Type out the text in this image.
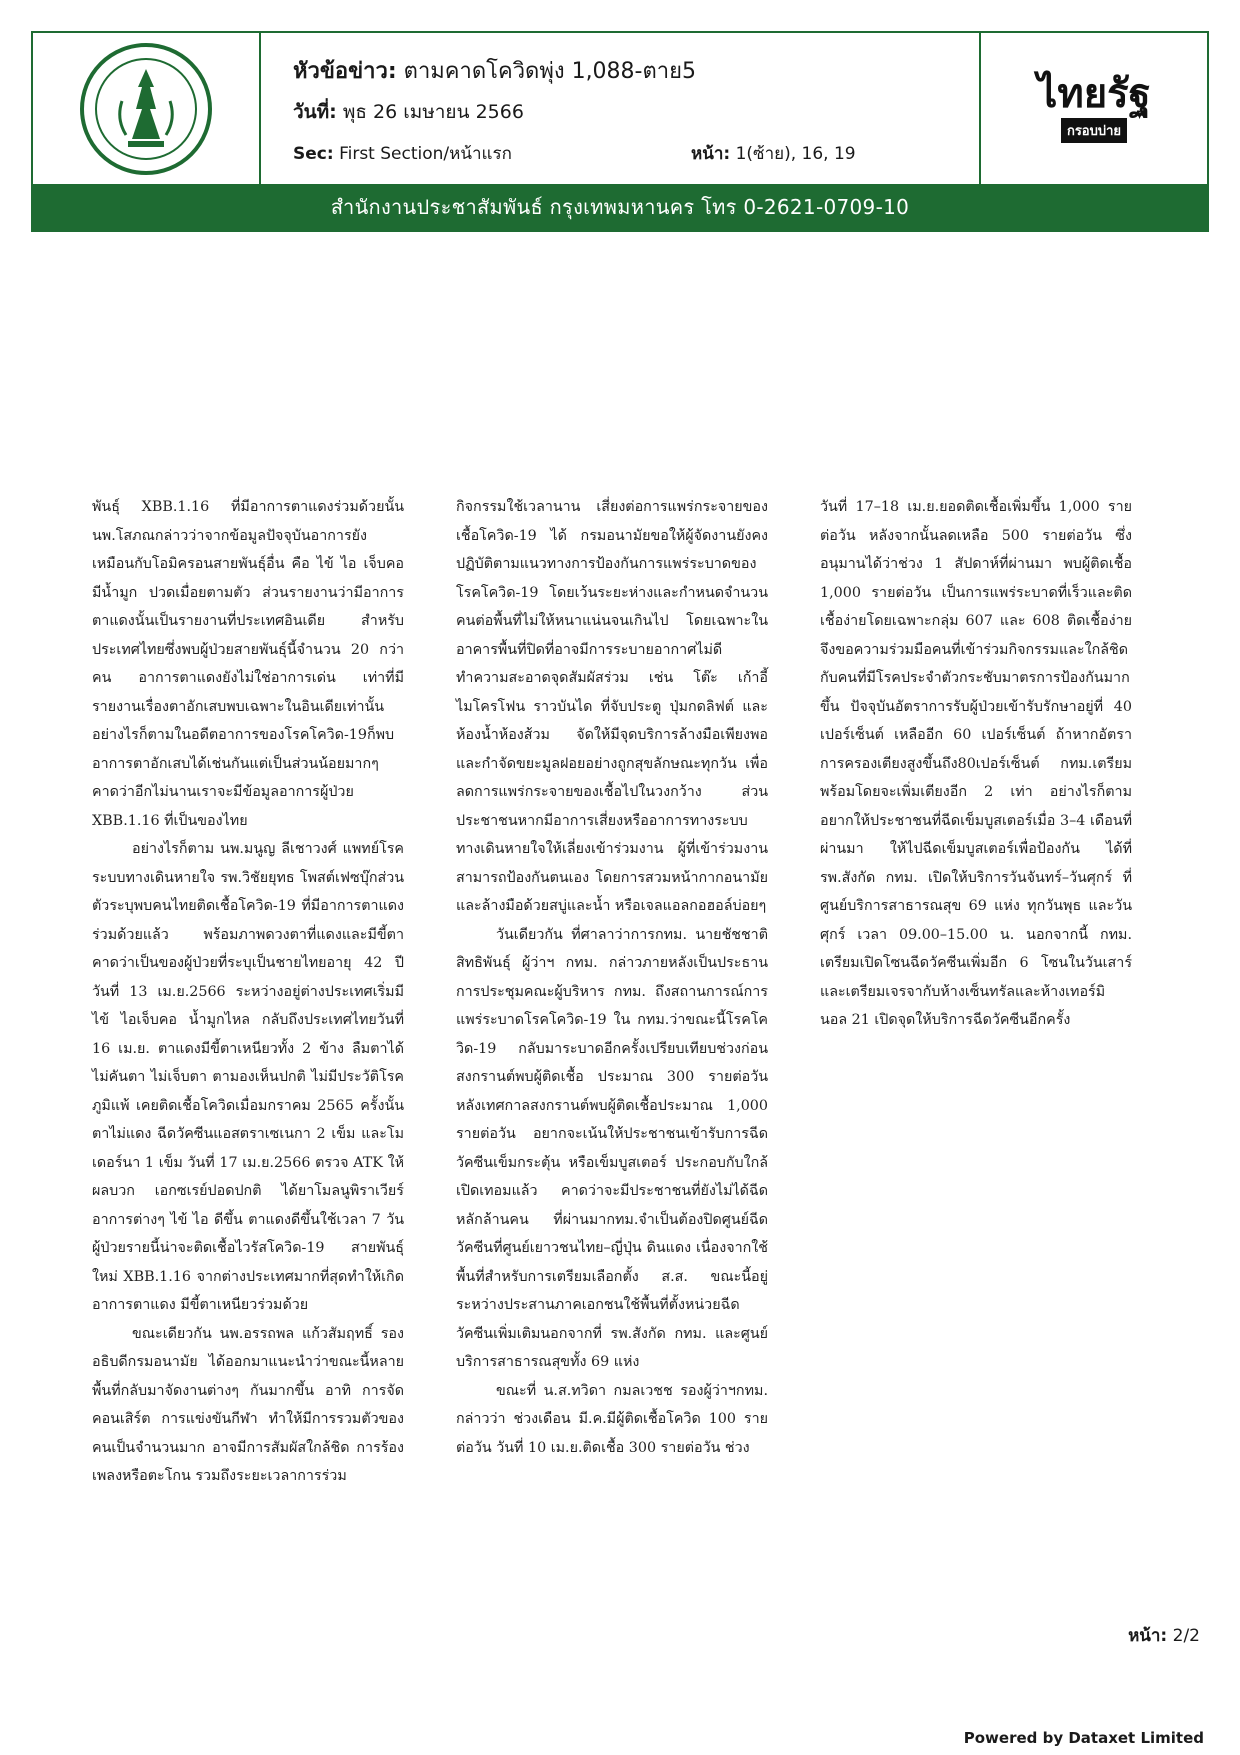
หัวข้อข่าว: ตามคาดโควิดพุ่ง 1,088-ตาย5
วันที่: พุธ 26 เมษายน 2566
Sec: First Section/หน้าแรก	หน้า: 1(ซ้าย), 16, 19
ไทยรัฐ
กรอบบ่าย
สำนักงานประชาสัมพันธ์ กรุงเทพมหานคร โทร 0-2621-0709-10

พันธุ์ XBB.1.16 ที่มีอาการตาแดงร่วมด้วยนั้น นพ.โสภณกล่าวว่าจากข้อมูลปัจจุบันอาการยังเหมือนกับโอมิครอนสายพันธุ์อื่น คือ ไข้ ไอ เจ็บคอ มีน้ำมูก ปวดเมื่อยตามตัว ส่วนรายงานว่ามีอาการตาแดงนั้นเป็นรายงานที่ประเทศอินเดีย สำหรับประเทศไทยซึ่งพบผู้ป่วยสายพันธุ์นี้จำนวน 20 กว่าคน อาการตาแดงยังไม่ใช่อาการเด่น เท่าที่มีรายงานเรื่องตาอักเสบพบเฉพาะในอินเดียเท่านั้น อย่างไรก็ตามในอดีตอาการของโรคโควิด-19ก็พบอาการตาอักเสบได้เช่นกันแต่เป็นส่วนน้อยมากๆคาดว่าอีกไม่นานเราจะมีข้อมูลอาการผู้ป่วย XBB.1.16 ที่เป็นของไทย

อย่างไรก็ตาม นพ.มนูญ ลีเชาวงศ์ แพทย์โรคระบบทางเดินหายใจ รพ.วิชัยยุทธ โพสต์เฟซบุ๊กส่วนตัวระบุพบคนไทยติดเชื้อโควิด-19 ที่มีอาการตาแดงร่วมด้วยแล้ว พร้อมภาพดวงตาที่แดงและมีขี้ตา คาดว่าเป็นของผู้ป่วยที่ระบุเป็นชายไทยอายุ 42 ปี วันที่ 13 เม.ย.2566 ระหว่างอยู่ต่างประเทศเริ่มมีไข้ ไอเจ็บคอ น้ำมูกไหล กลับถึงประเทศไทยวันที่ 16 เม.ย. ตาแดงมีขี้ตาเหนียวทั้ง 2 ข้าง ลืมตาได้ ไม่คันตา ไม่เจ็บตา ตามองเห็นปกติ ไม่มีประวัติโรคภูมิแพ้ เคยติดเชื้อโควิดเมื่อมกราคม 2565 ครั้งนั้นตาไม่แดง ฉีดวัคซีนแอสตราเซเนกา 2 เข็ม และโมเดอร์นา 1 เข็ม วันที่ 17 เม.ย.2566 ตรวจ ATK ให้ผลบวก เอกซเรย์ปอดปกติ ได้ยาโมลนูพิราเวียร์ อาการต่างๆ ไข้ ไอ ดีขึ้น ตาแดงดีขึ้นใช้เวลา 7 วัน ผู้ป่วยรายนี้น่าจะติดเชื้อไวรัสโควิด-19 สายพันธุ์ใหม่ XBB.1.16 จากต่างประเทศมากที่สุดทำให้เกิดอาการตาแดง มีขี้ตาเหนียวร่วมด้วย

ขณะเดียวกัน นพ.อรรถพล แก้วสัมฤทธิ์ รองอธิบดีกรมอนามัย ได้ออกมาแนะนำว่าขณะนี้หลายพื้นที่กลับมาจัดงานต่างๆ กันมากขึ้น อาทิ การจัดคอนเสิร์ต การแข่งขันกีฬา ทำให้มีการรวมตัวของคนเป็นจำนวนมาก อาจมีการสัมผัสใกล้ชิด การร้องเพลงหรือตะโกน รวมถึงระยะเวลาการร่วม

กิจกรรมใช้เวลานาน เสี่ยงต่อการแพร่กระจายของเชื้อโควิด-19 ได้ กรมอนามัยขอให้ผู้จัดงานยังคงปฏิบัติตามแนวทางการป้องกันการแพร่ระบาดของโรคโควิด-19 โดยเว้นระยะห่างและกำหนดจำนวนคนต่อพื้นที่ไม่ให้หนาแน่นจนเกินไป โดยเฉพาะในอาคารพื้นที่ปิดที่อาจมีการระบายอากาศไม่ดี ทำความสะอาดจุดสัมผัสร่วม เช่น โต๊ะ เก้าอี้ ไมโครโฟน ราวบันได ที่จับประตู ปุ่มกดลิฟต์ และห้องน้ำห้องส้วม จัดให้มีจุดบริการล้างมือเพียงพอ และกำจัดขยะมูลฝอยอย่างถูกสุขลักษณะทุกวัน เพื่อลดการแพร่กระจายของเชื้อไปในวงกว้าง ส่วนประชาชนหากมีอาการเสี่ยงหรืออาการทางระบบทางเดินหายใจให้เลี่ยงเข้าร่วมงาน ผู้ที่เข้าร่วมงานสามารถป้องกันตนเอง โดยการสวมหน้ากากอนามัย และล้างมือด้วยสบู่และน้ำ หรือเจลแอลกอฮอล์บ่อยๆ

วันเดียวกัน ที่ศาลาว่าการกทม. นายชัชชาติ สิทธิพันธุ์ ผู้ว่าฯ กทม. กล่าวภายหลังเป็นประธานการประชุมคณะผู้บริหาร กทม. ถึงสถานการณ์การแพร่ระบาดโรคโควิด-19 ใน กทม.ว่าขณะนี้โรคโควิด-19 กลับมาระบาดอีกครั้งเปรียบเทียบช่วงก่อนสงกรานต์พบผู้ติดเชื้อ ประมาณ 300 รายต่อวัน หลังเทศกาลสงกรานต์พบผู้ติดเชื้อประมาณ 1,000 รายต่อวัน อยากจะเน้นให้ประชาชนเข้ารับการฉีดวัคซีนเข็มกระตุ้น หรือเข็มบูสเตอร์ ประกอบกับใกล้เปิดเทอมแล้ว คาดว่าจะมีประชาชนที่ยังไม่ได้ฉีดหลักล้านคน ที่ผ่านมากทม.จำเป็นต้องปิดศูนย์ฉีดวัคซีนที่ศูนย์เยาวชนไทย–ญี่ปุ่น ดินแดง เนื่องจากใช้พื้นที่สำหรับการเตรียมเลือกตั้ง ส.ส. ขณะนี้อยู่ระหว่างประสานภาคเอกชนใช้พื้นที่ตั้งหน่วยฉีดวัคซีนเพิ่มเติมนอกจากที่ รพ.สังกัด กทม. และศูนย์บริการสาธารณสุขทั้ง 69 แห่ง

ขณะที่ น.ส.ทวิดา กมลเวชช รองผู้ว่าฯกทม. กล่าวว่า ช่วงเดือน มี.ค.มีผู้ติดเชื้อโควิด 100 รายต่อวัน วันที่ 10 เม.ย.ติดเชื้อ 300 รายต่อวัน ช่วง

วันที่ 17–18 เม.ย.ยอดติดเชื้อเพิ่มขึ้น 1,000 รายต่อวัน หลังจากนั้นลดเหลือ 500 รายต่อวัน ซึ่งอนุมานได้ว่าช่วง 1 สัปดาห์ที่ผ่านมา พบผู้ติดเชื้อ 1,000 รายต่อวัน เป็นการแพร่ระบาดที่เร็วและติดเชื้อง่ายโดยเฉพาะกลุ่ม 607 และ 608 ติดเชื้อง่าย จึงขอความร่วมมือคนที่เข้าร่วมกิจกรรมและใกล้ชิดกับคนที่มีโรคประจำตัวกระชับมาตรการป้องกันมากขึ้น ปัจจุบันอัตราการรับผู้ป่วยเข้ารับรักษาอยู่ที่ 40 เปอร์เซ็นต์ เหลืออีก 60 เปอร์เซ็นต์ ถ้าหากอัตราการครองเตียงสูงขึ้นถึง80เปอร์เซ็นต์ กทม.เตรียมพร้อมโดยจะเพิ่มเตียงอีก 2 เท่า อย่างไรก็ตาม อยากให้ประชาชนที่ฉีดเข็มบูสเตอร์เมื่อ 3–4 เดือนที่ผ่านมา ให้ไปฉีดเข็มบูสเตอร์เพื่อป้องกัน ได้ที่ รพ.สังกัด กทม. เปิดให้บริการวันจันทร์–วันศุกร์ ที่ศูนย์บริการสาธารณสุข 69 แห่ง ทุกวันพุธ และวันศุกร์ เวลา 09.00–15.00 น. นอกจากนี้ กทม. เตรียมเปิดโซนฉีดวัคซีนเพิ่มอีก 6 โซนในวันเสาร์ และเตรียมเจรจากับห้างเซ็นทรัลและห้างเทอร์มินอล 21 เปิดจุดให้บริการฉีดวัคซีนอีกครั้ง

หน้า: 2/2
Powered by Dataxet Limited
